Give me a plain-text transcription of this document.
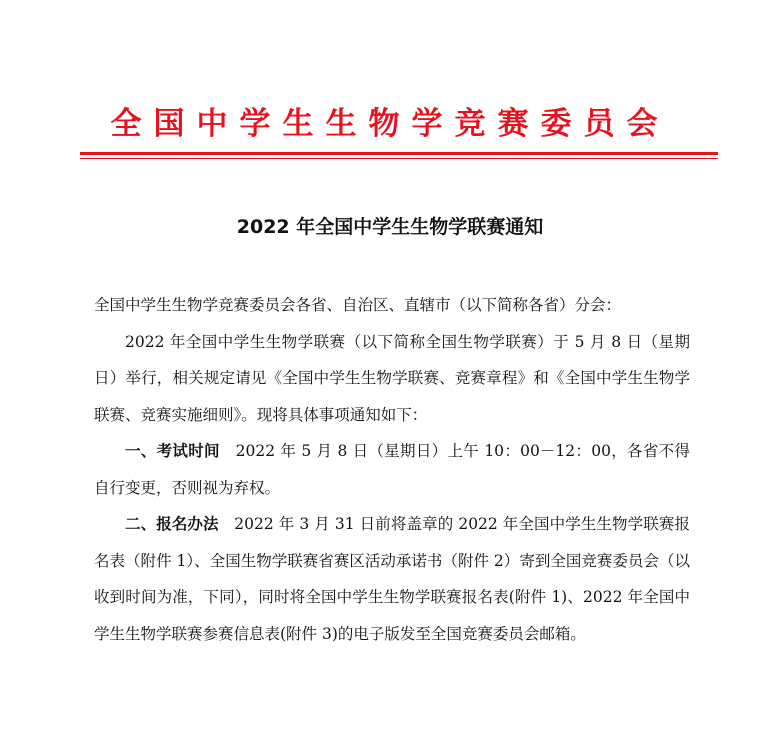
全国中学生生物学竞赛委员会
2022 年全国中学生生物学联赛通知

全国中学生生物学竞赛委员会各省、自治区、直辖市（以下简称各省）分会：

2022 年全国中学生生物学联赛（以下简称全国生物学联赛）于 5 月 8 日（星期日）举行，相关规定请见《全国中学生生物学联赛、竞赛章程》和《全国中学生生物学联赛、竞赛实施细则》。现将具体事项通知如下：

一、考试时间　2022 年 5 月 8 日（星期日）上午 10：00－12：00，各省不得自行变更，否则视为弃权。

二、报名办法　2022 年 3 月 31 日前将盖章的 2022 年全国中学生生物学联赛报名表（附件 1）、全国生物学联赛省赛区活动承诺书（附件 2）寄到全国竞赛委员会（以收到时间为准，下同），同时将全国中学生生物学联赛报名表(附件 1)、2022 年全国中学生生物学联赛参赛信息表(附件 3)的电子版发至全国竞赛委员会邮箱。
